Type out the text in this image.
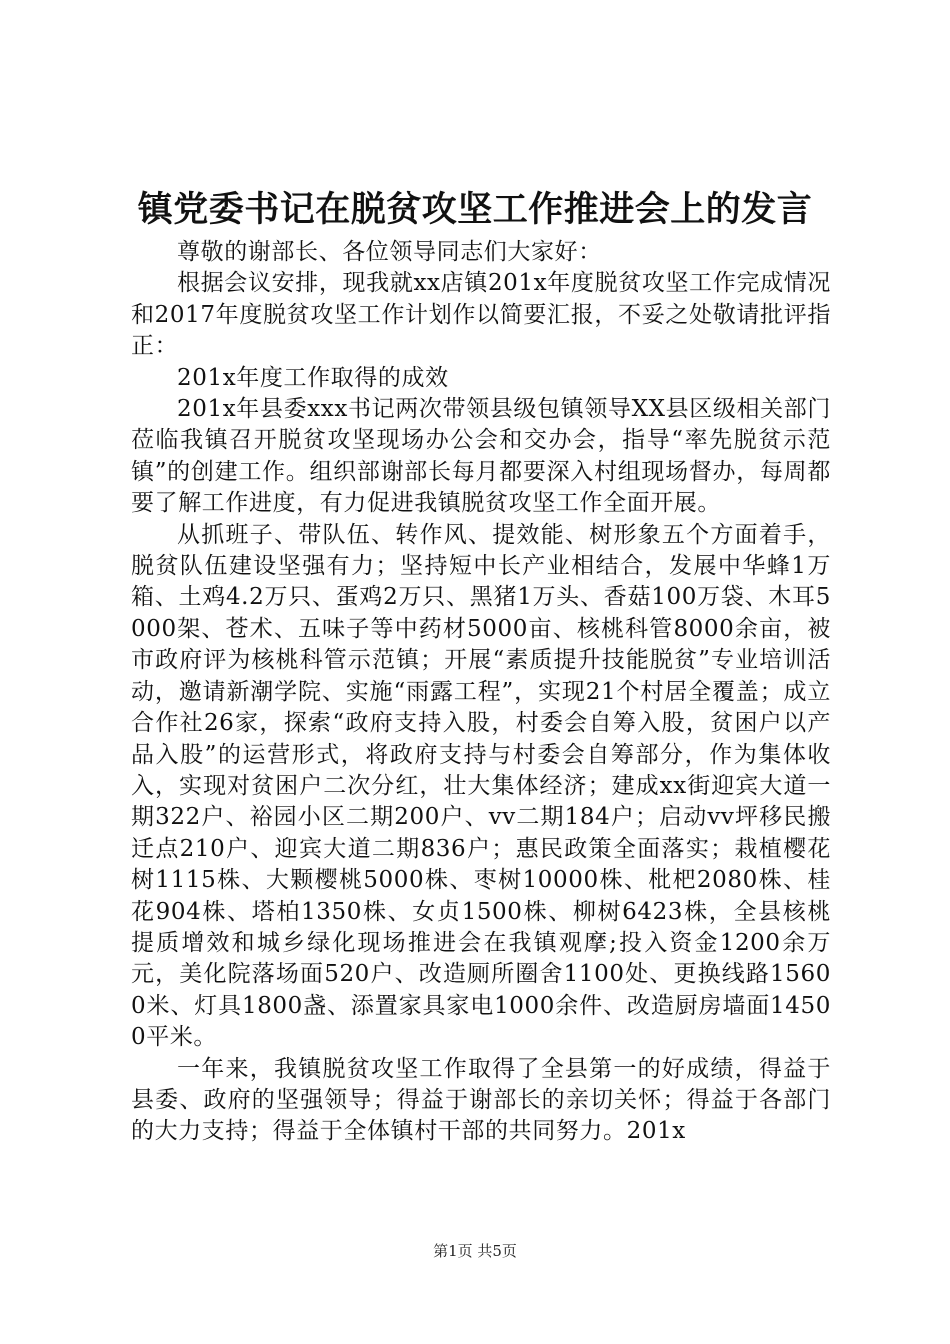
镇党委书记在脱贫攻坚工作推进会上的发言

尊敬的谢部长、各位领导同志们大家好：

根据会议安排，现我就xx店镇201x年度脱贫攻坚工作完成情况和2017年度脱贫攻坚工作计划作以简要汇报，不妥之处敬请批评指正：

201x年度工作取得的成效

201x年县委xxx书记两次带领县级包镇领导XX县区级相关部门莅临我镇召开脱贫攻坚现场办公会和交办会，指导“率先脱贫示范镇”的创建工作。组织部谢部长每月都要深入村组现场督办，每周都要了解工作进度，有力促进我镇脱贫攻坚工作全面开展。

从抓班子、带队伍、转作风、提效能、树形象五个方面着手，脱贫队伍建设坚强有力；坚持短中长产业相结合，发展中华蜂1万箱、土鸡4.2万只、蛋鸡2万只、黑猪1万头、香菇100万袋、木耳5000架、苍术、五味子等中药材5000亩、核桃科管8000余亩，被市政府评为核桃科管示范镇；开展“素质提升技能脱贫”专业培训活动，邀请新潮学院、实施“雨露工程”，实现21个村居全覆盖；成立合作社26家，探索“政府支持入股，村委会自筹入股，贫困户以产品入股”的运营形式，将政府支持与村委会自筹部分，作为集体收入，实现对贫困户二次分红，壮大集体经济；建成xx街迎宾大道一期322户、裕园小区二期200户、vv二期184户；启动vv坪移民搬迁点210户、迎宾大道二期836户；惠民政策全面落实；栽植樱花树1115株、大颗樱桃5000株、枣树10000株、枇杷2080株、桂花904株、塔柏1350株、女贞1500株、柳树6423株，全县核桃提质增效和城乡绿化现场推进会在我镇观摩;投入资金1200余万元，美化院落场面520户、改造厕所圈舍1100处、更换线路15600米、灯具1800盏、添置家具家电1000余件、改造厨房墙面14500平米。

一年来，我镇脱贫攻坚工作取得了全县第一的好成绩，得益于县委、政府的坚强领导；得益于谢部长的亲切关怀；得益于各部门的大力支持；得益于全体镇村干部的共同努力。201x

第1页 共5页
